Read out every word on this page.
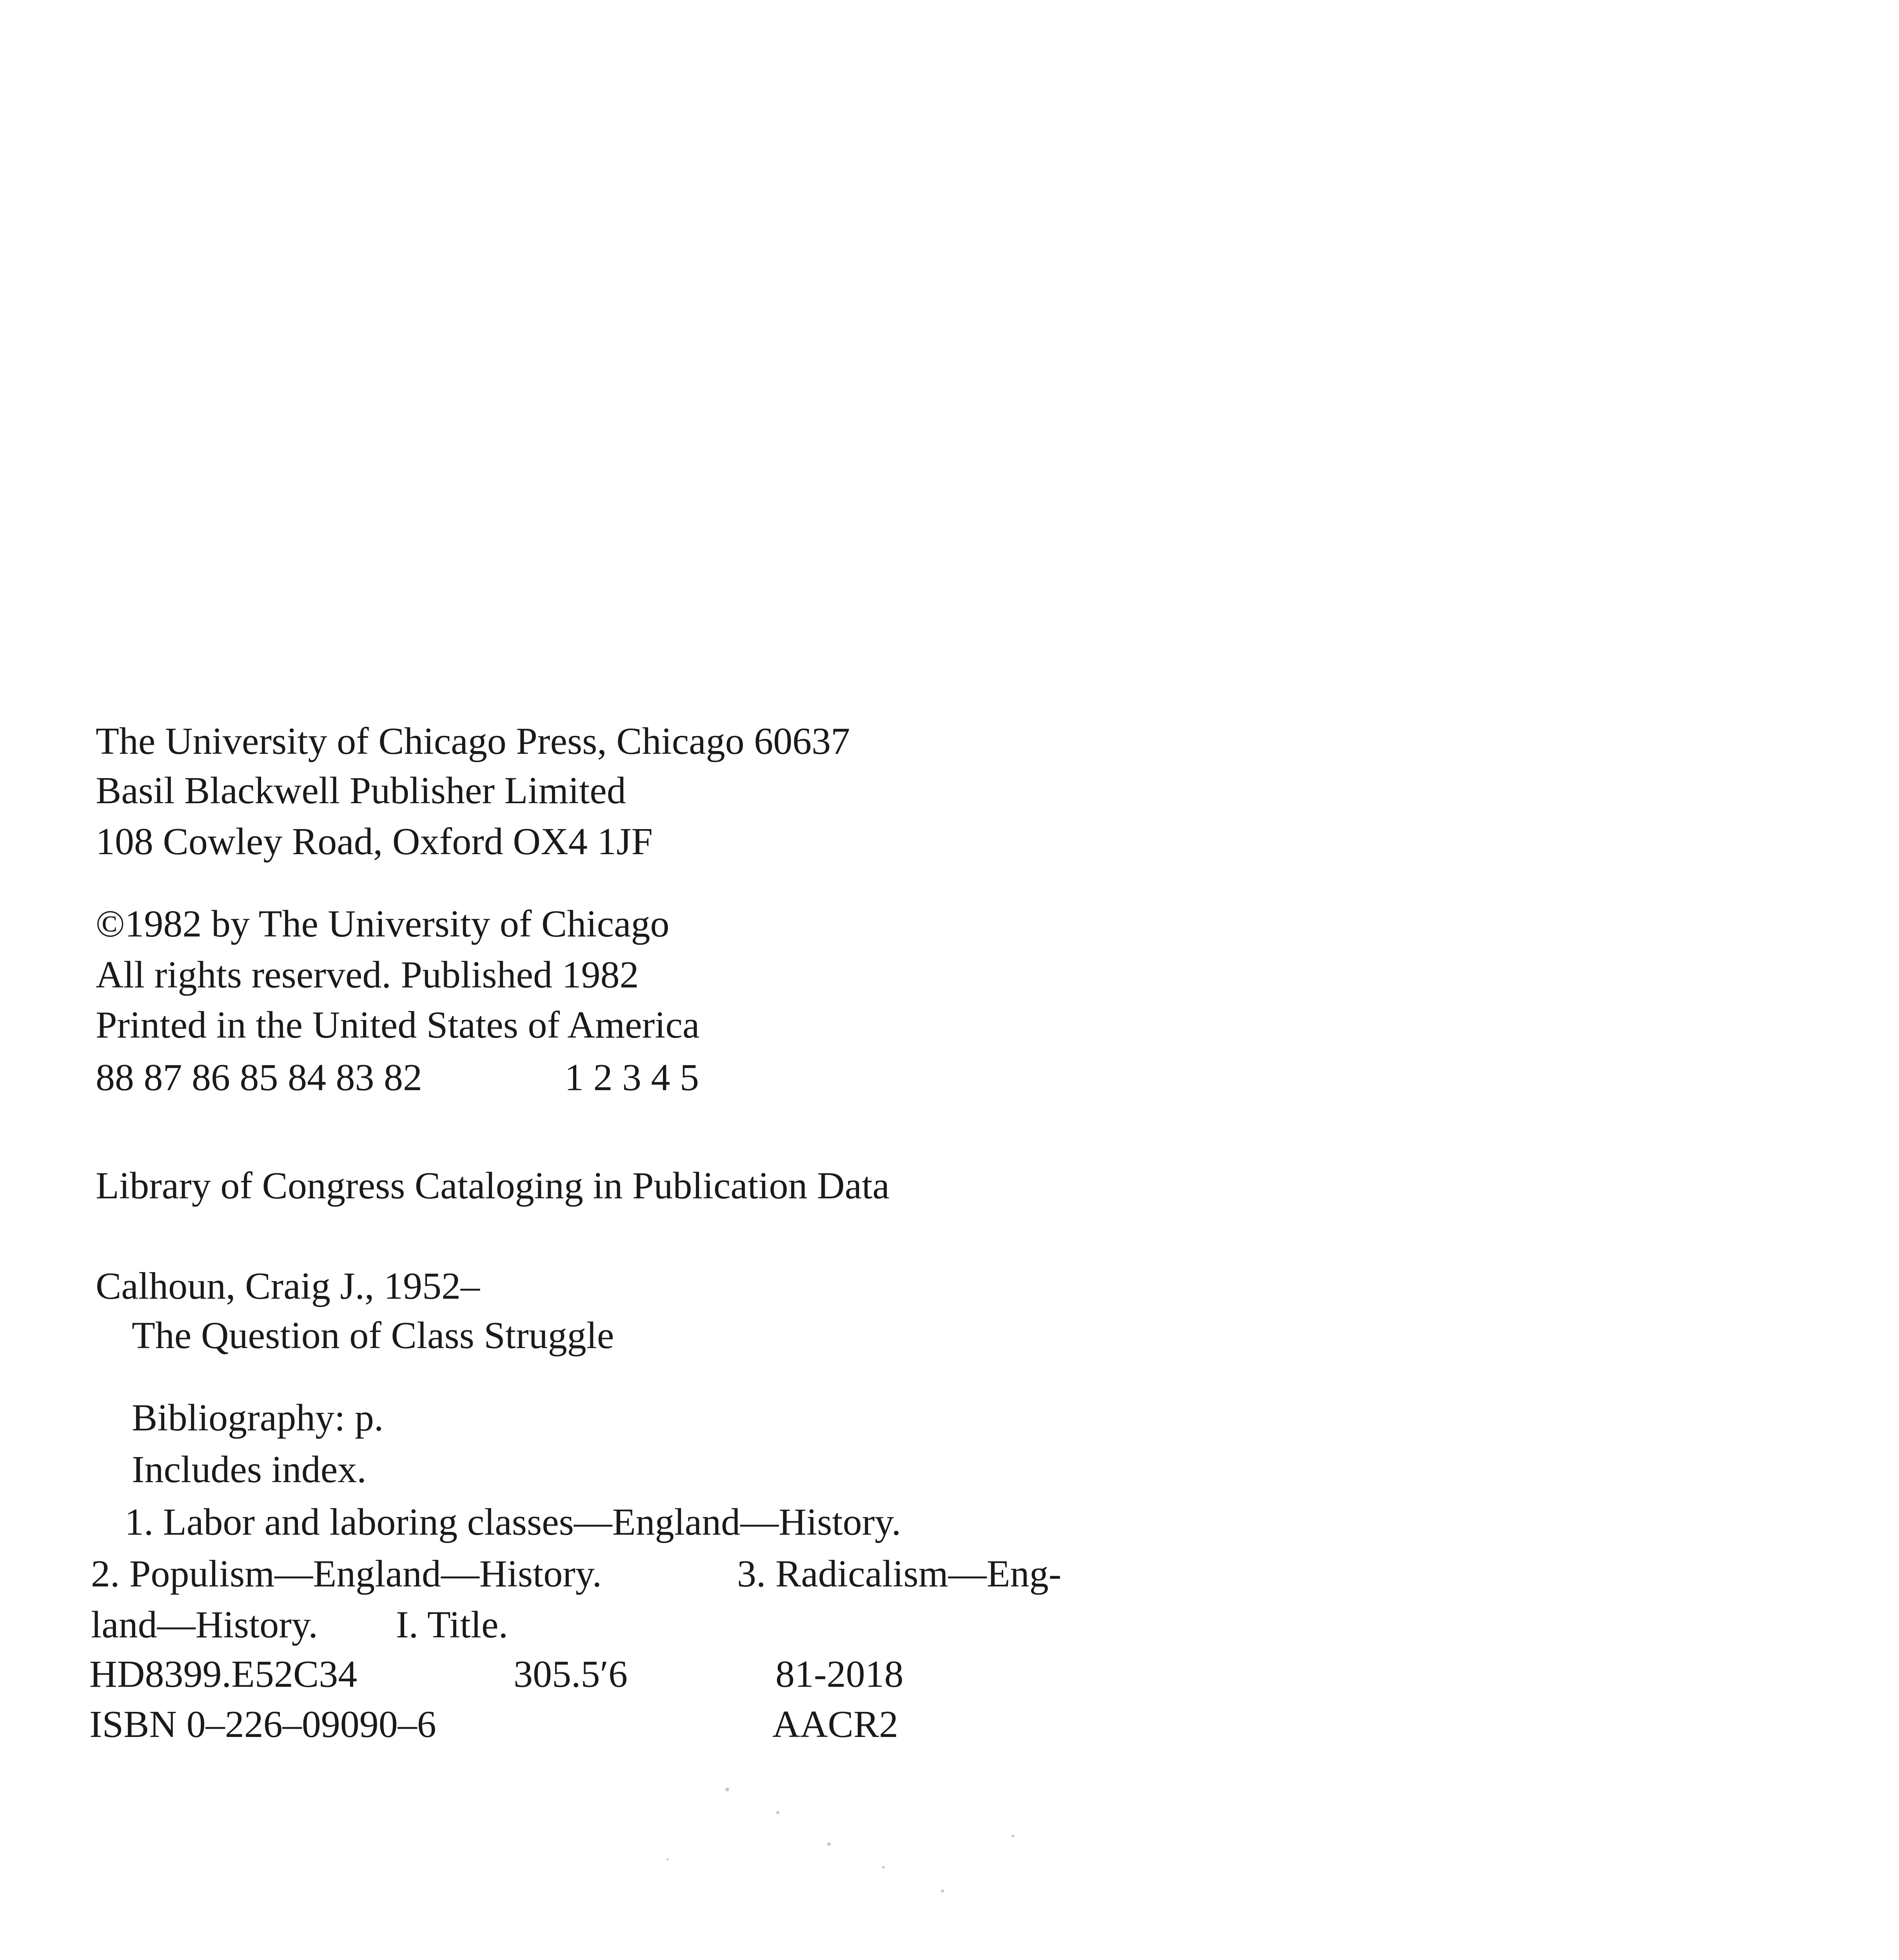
The University of Chicago Press, Chicago 60637
Basil Blackwell Publisher Limited
108 Cowley Road, Oxford OX4 1JF
©1982 by The University of Chicago
All rights reserved. Published 1982
Printed in the United States of America
88 87 86 85 84 83 82	1 2 3 4 5
Library of Congress Cataloging in Publication Data
Calhoun, Craig J., 1952–
The Question of Class Struggle
Bibliography: p.
Includes index.
1. Labor and laboring classes—England—History.
2. Populism—England—History.	3. Radicalism—Eng-
land—History. I. Title.
HD8399.E52C34	305.5′6	81-2018
ISBN 0–226–09090–6	AACR2
